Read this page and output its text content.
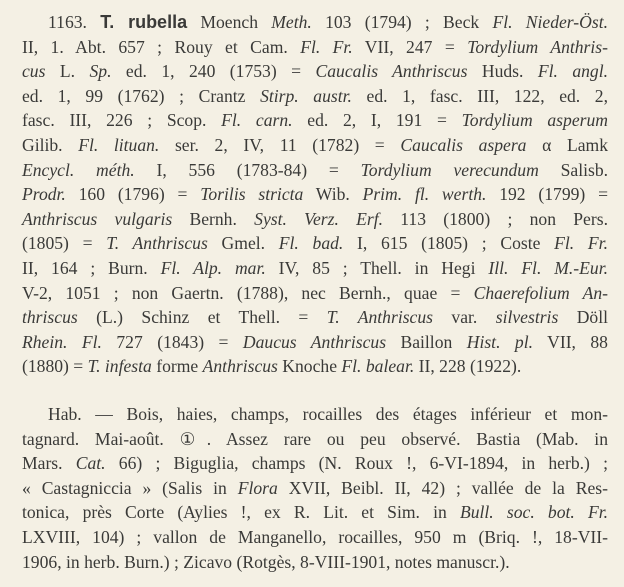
1163. T. rubella Moench Meth. 103 (1794) ; Beck Fl. Nieder-Öst.
II, 1. Abt. 657 ; Rouy et Cam. Fl. Fr. VII, 247 = Tordylium Anthris-
cus L. Sp. ed. 1, 240 (1753) = Caucalis Anthriscus Huds. Fl. angl.
ed. 1, 99 (1762) ; Crantz Stirp. austr. ed. 1, fasc. III, 122, ed. 2,
fasc. III, 226 ; Scop. Fl. carn. ed. 2, I, 191 = Tordylium asperum
Gilib. Fl. lituan. ser. 2, IV, 11 (1782) = Caucalis aspera α Lamk
Encycl. méth. I, 556 (1783-84) = Tordylium verecundum Salisb.
Prodr. 160 (1796) = Torilis stricta Wib. Prim. fl. werth. 192 (1799) =
Anthriscus vulgaris Bernh. Syst. Verz. Erf. 113 (1800) ; non Pers.
(1805) = T. Anthriscus Gmel. Fl. bad. I, 615 (1805) ; Coste Fl. Fr.
II, 164 ; Burn. Fl. Alp. mar. IV, 85 ; Thell. in Hegi Ill. Fl. M.-Eur.
V-2, 1051 ; non Gaertn. (1788), nec Bernh., quae = Chaerefolium An-
thriscus (L.) Schinz et Thell. = T. Anthriscus var. silvestris Döll
Rhein. Fl. 727 (1843) = Daucus Anthriscus Baillon Hist. pl. VII, 88
(1880) = T. infesta forme Anthriscus Knoche Fl. balear. II, 228 (1922).
Hab. — Bois, haies, champs, rocailles des étages inférieur et mon-
tagnard. Mai-août. ①. Assez rare ou peu observé. Bastia (Mab. in
Mars. Cat. 66) ; Biguglia, champs (N. Roux !, 6-VI-1894, in herb.) ;
« Castagniccia » (Salis in Flora XVII, Beibl. II, 42) ; vallée de la Res-
tonica, près Corte (Aylies !, ex R. Lit. et Sim. in Bull. soc. bot. Fr.
LXVIII, 104) ; vallon de Manganello, rocailles, 950 m (Briq. !, 18-VII-
1906, in herb. Burn.) ; Zicavo (Rotgès, 8-VIII-1901, notes manuscr.).
